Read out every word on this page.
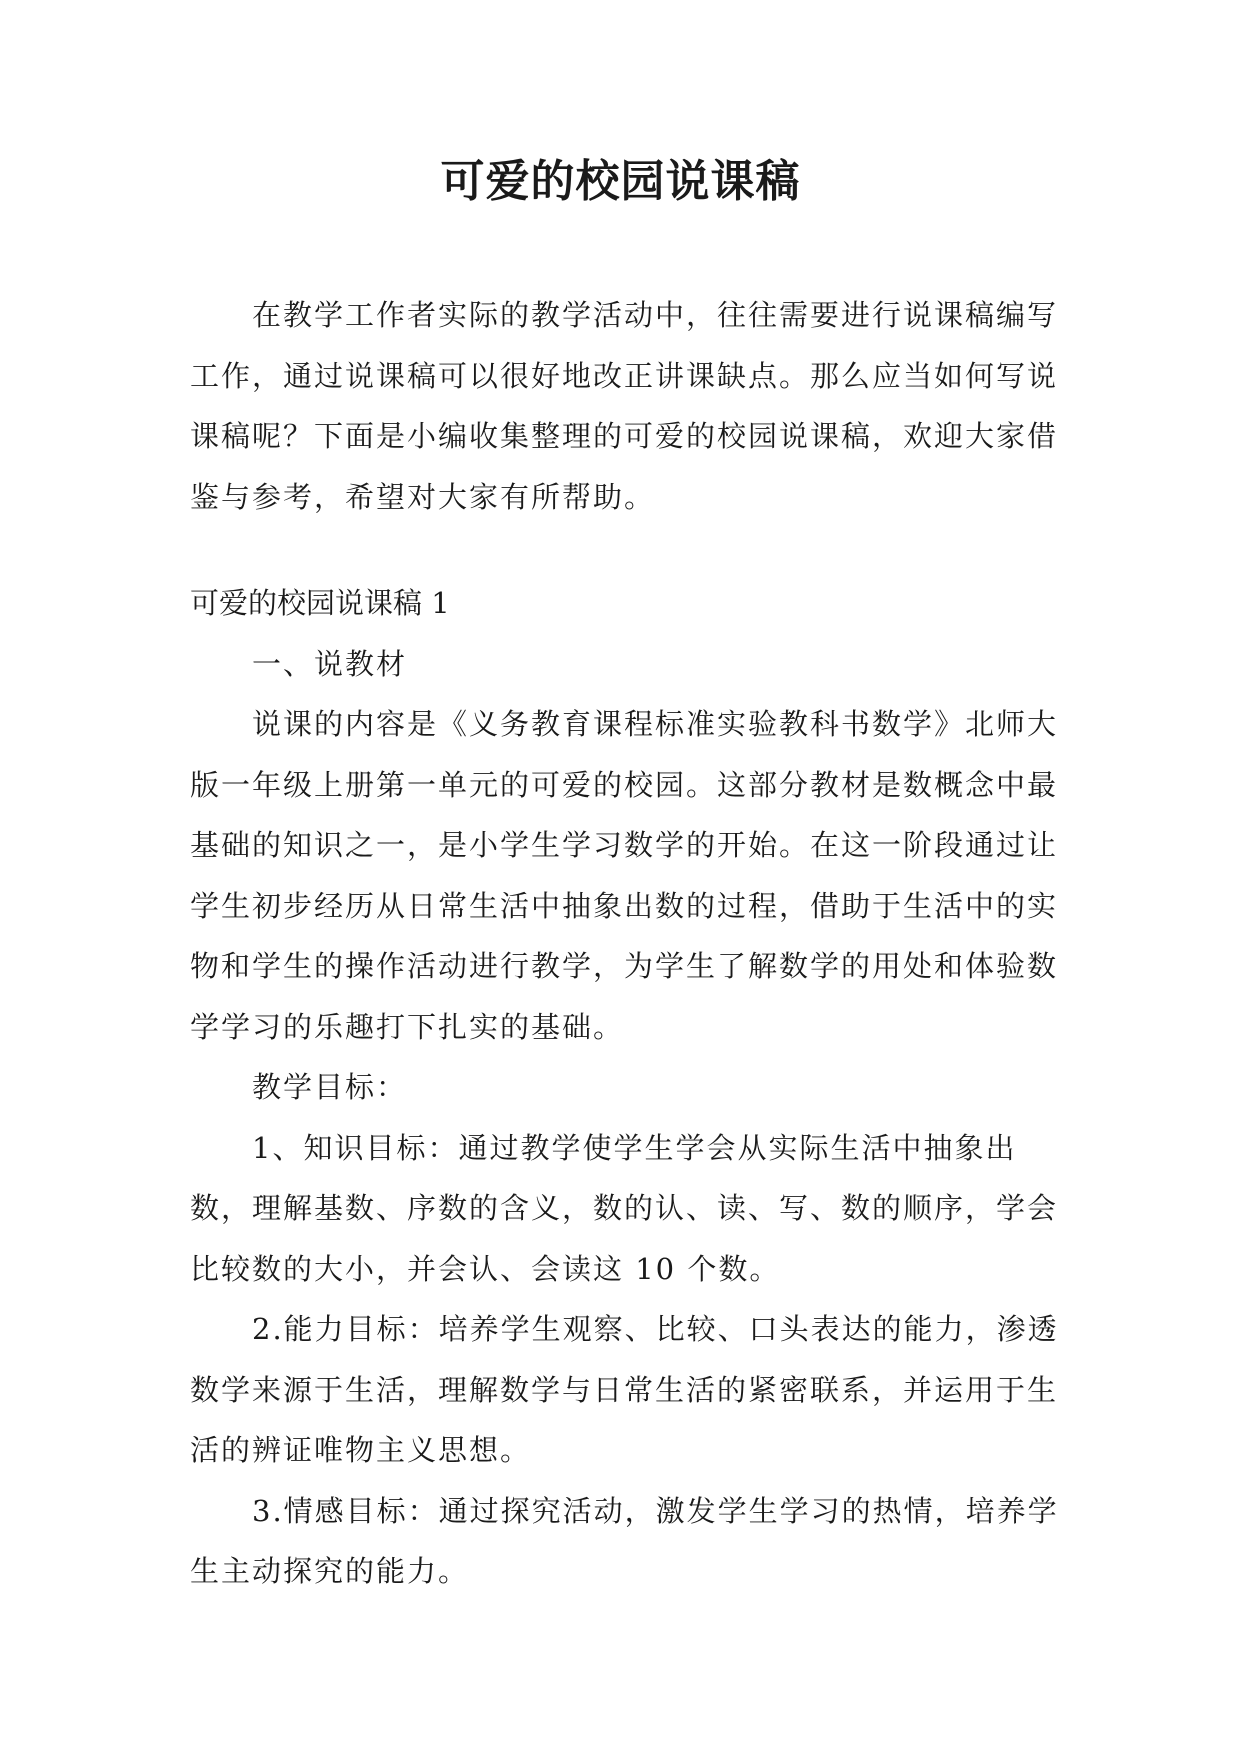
可爱的校园说课稿

在教学工作者实际的教学活动中，往往需要进行说课稿编写工作，通过说课稿可以很好地改正讲课缺点。那么应当如何写说课稿呢？下面是小编收集整理的可爱的校园说课稿，欢迎大家借鉴与参考，希望对大家有所帮助。

可爱的校园说课稿 1

一、说教材

说课的内容是《义务教育课程标准实验教科书数学》北师大版一年级上册第一单元的可爱的校园。这部分教材是数概念中最基础的知识之一，是小学生学习数学的开始。在这一阶段通过让学生初步经历从日常生活中抽象出数的过程，借助于生活中的实物和学生的操作活动进行教学，为学生了解数学的用处和体验数学学习的乐趣打下扎实的基础。

教学目标：

1、知识目标：通过教学使学生学会从实际生活中抽象出数，理解基数、序数的含义，数的认、读、写、数的顺序，学会比较数的大小，并会认、会读这 10 个数。

2.能力目标：培养学生观察、比较、口头表达的能力，渗透数学来源于生活，理解数学与日常生活的紧密联系，并运用于生活的辨证唯物主义思想。

3.情感目标：通过探究活动，激发学生学习的热情，培养学生主动探究的能力。
